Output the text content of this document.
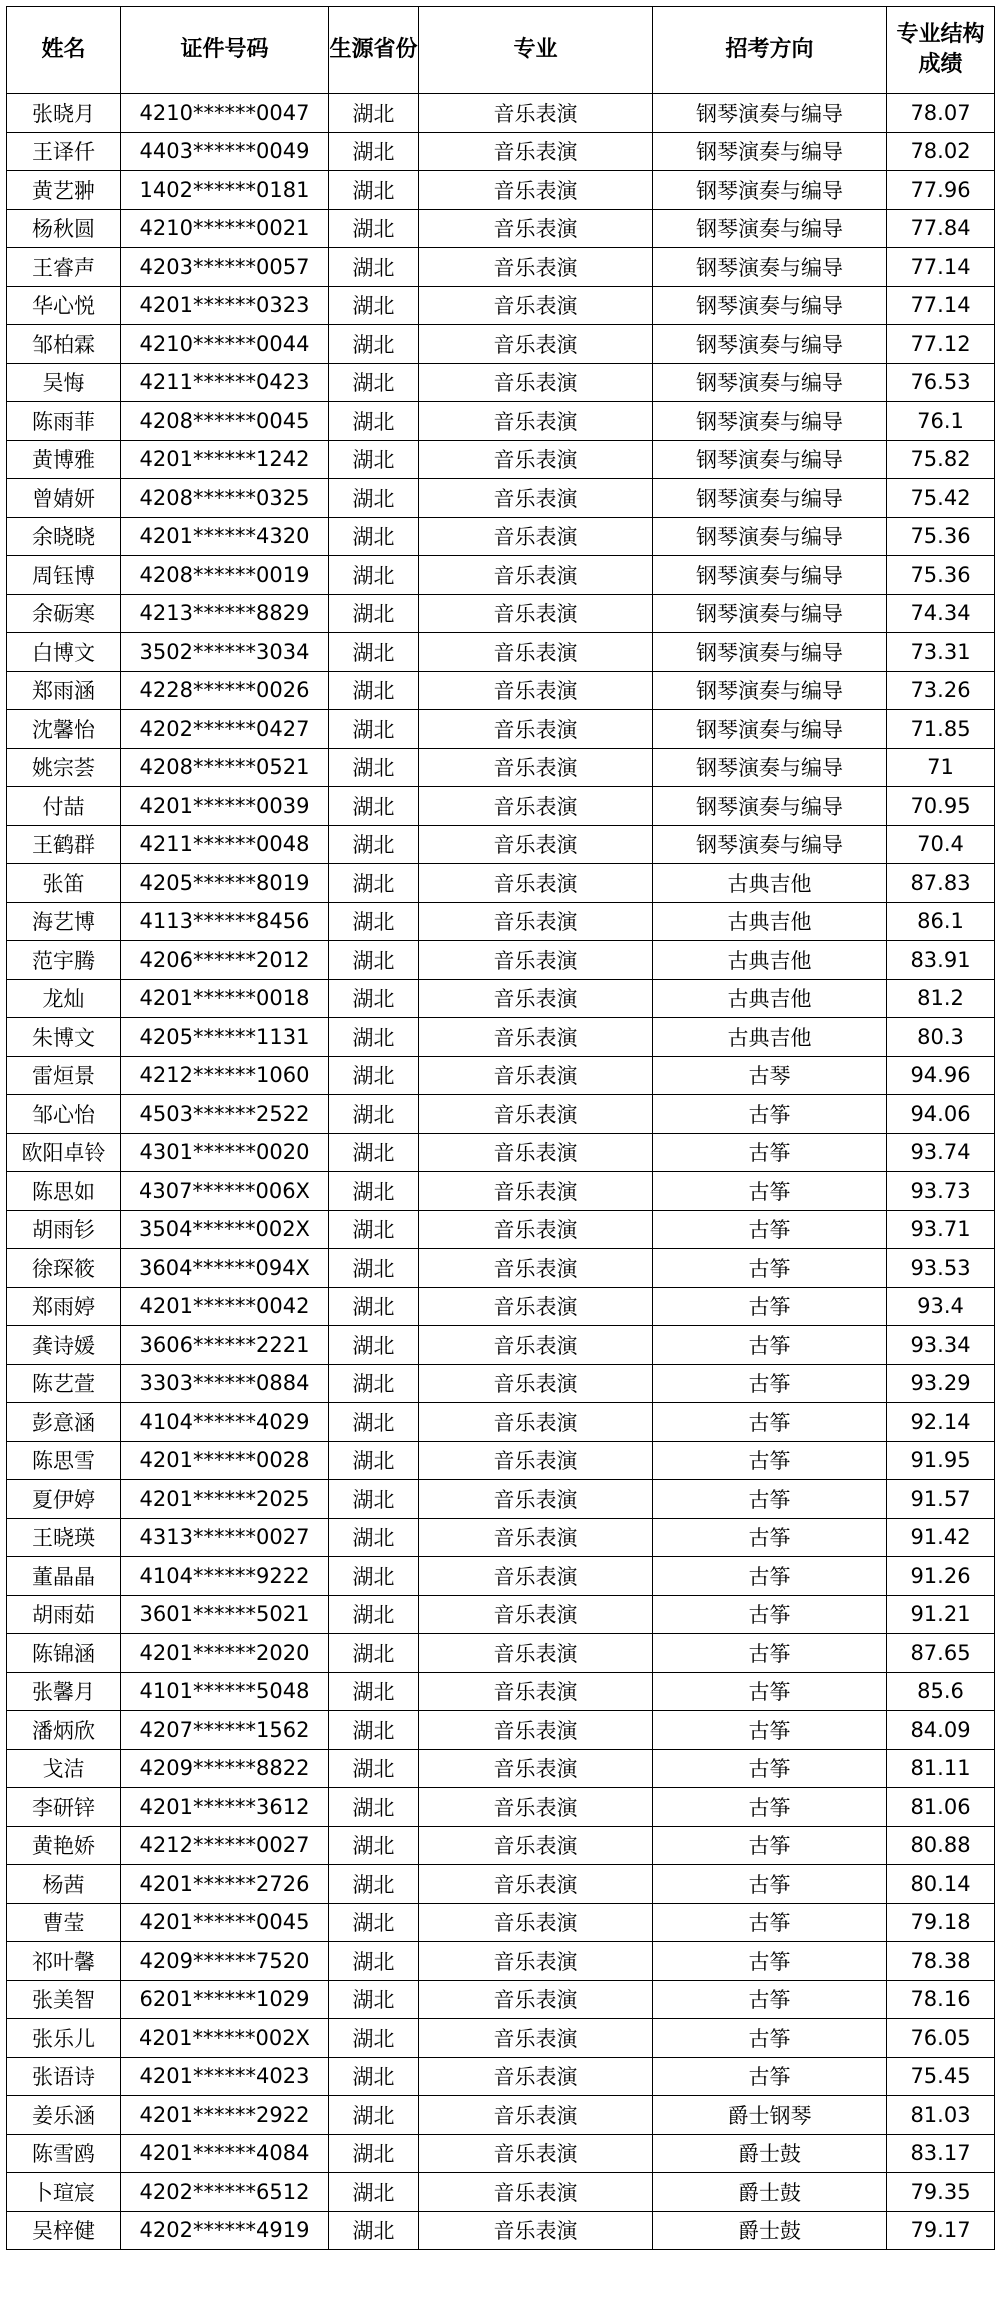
姓名	证件号码	生源省份	专业	招考方向	专业结构成绩
张晓月	4210******0047	湖北	音乐表演	钢琴演奏与编导	78.07
王译仟	4403******0049	湖北	音乐表演	钢琴演奏与编导	78.02
黄艺翀	1402******0181	湖北	音乐表演	钢琴演奏与编导	77.96
杨秋圆	4210******0021	湖北	音乐表演	钢琴演奏与编导	77.84
王睿声	4203******0057	湖北	音乐表演	钢琴演奏与编导	77.14
华心悦	4201******0323	湖北	音乐表演	钢琴演奏与编导	77.14
邹柏霖	4210******0044	湖北	音乐表演	钢琴演奏与编导	77.12
吴悔	4211******0423	湖北	音乐表演	钢琴演奏与编导	76.53
陈雨菲	4208******0045	湖北	音乐表演	钢琴演奏与编导	76.1
黄博雅	4201******1242	湖北	音乐表演	钢琴演奏与编导	75.82
曾婧妍	4208******0325	湖北	音乐表演	钢琴演奏与编导	75.42
余晓晓	4201******4320	湖北	音乐表演	钢琴演奏与编导	75.36
周钰博	4208******0019	湖北	音乐表演	钢琴演奏与编导	75.36
余砺寒	4213******8829	湖北	音乐表演	钢琴演奏与编导	74.34
白博文	3502******3034	湖北	音乐表演	钢琴演奏与编导	73.31
郑雨涵	4228******0026	湖北	音乐表演	钢琴演奏与编导	73.26
沈馨怡	4202******0427	湖北	音乐表演	钢琴演奏与编导	71.85
姚宗荟	4208******0521	湖北	音乐表演	钢琴演奏与编导	71
付喆	4201******0039	湖北	音乐表演	钢琴演奏与编导	70.95
王鹤群	4211******0048	湖北	音乐表演	钢琴演奏与编导	70.4
张笛	4205******8019	湖北	音乐表演	古典吉他	87.83
海艺博	4113******8456	湖北	音乐表演	古典吉他	86.1
范宇腾	4206******2012	湖北	音乐表演	古典吉他	83.91
龙灿	4201******0018	湖北	音乐表演	古典吉他	81.2
朱博文	4205******1131	湖北	音乐表演	古典吉他	80.3
雷烜景	4212******1060	湖北	音乐表演	古琴	94.96
邹心怡	4503******2522	湖北	音乐表演	古筝	94.06
欧阳卓铃	4301******0020	湖北	音乐表演	古筝	93.74
陈思如	4307******006X	湖北	音乐表演	古筝	93.73
胡雨钐	3504******002X	湖北	音乐表演	古筝	93.71
徐琛筱	3604******094X	湖北	音乐表演	古筝	93.53
郑雨婷	4201******0042	湖北	音乐表演	古筝	93.4
龚诗媛	3606******2221	湖北	音乐表演	古筝	93.34
陈艺萱	3303******0884	湖北	音乐表演	古筝	93.29
彭意涵	4104******4029	湖北	音乐表演	古筝	92.14
陈思雪	4201******0028	湖北	音乐表演	古筝	91.95
夏伊婷	4201******2025	湖北	音乐表演	古筝	91.57
王晓瑛	4313******0027	湖北	音乐表演	古筝	91.42
董晶晶	4104******9222	湖北	音乐表演	古筝	91.26
胡雨茹	3601******5021	湖北	音乐表演	古筝	91.21
陈锦涵	4201******2020	湖北	音乐表演	古筝	87.65
张馨月	4101******5048	湖北	音乐表演	古筝	85.6
潘炳欣	4207******1562	湖北	音乐表演	古筝	84.09
戈洁	4209******8822	湖北	音乐表演	古筝	81.11
李研锌	4201******3612	湖北	音乐表演	古筝	81.06
黄艳娇	4212******0027	湖北	音乐表演	古筝	80.88
杨茜	4201******2726	湖北	音乐表演	古筝	80.14
曹莹	4201******0045	湖北	音乐表演	古筝	79.18
祁叶馨	4209******7520	湖北	音乐表演	古筝	78.38
张美智	6201******1029	湖北	音乐表演	古筝	78.16
张乐儿	4201******002X	湖北	音乐表演	古筝	76.05
张语诗	4201******4023	湖北	音乐表演	古筝	75.45
姜乐涵	4201******2922	湖北	音乐表演	爵士钢琴	81.03
陈雪鸥	4201******4084	湖北	音乐表演	爵士鼓	83.17
卜瑄宸	4202******6512	湖北	音乐表演	爵士鼓	79.35
吴梓健	4202******4919	湖北	音乐表演	爵士鼓	79.17
